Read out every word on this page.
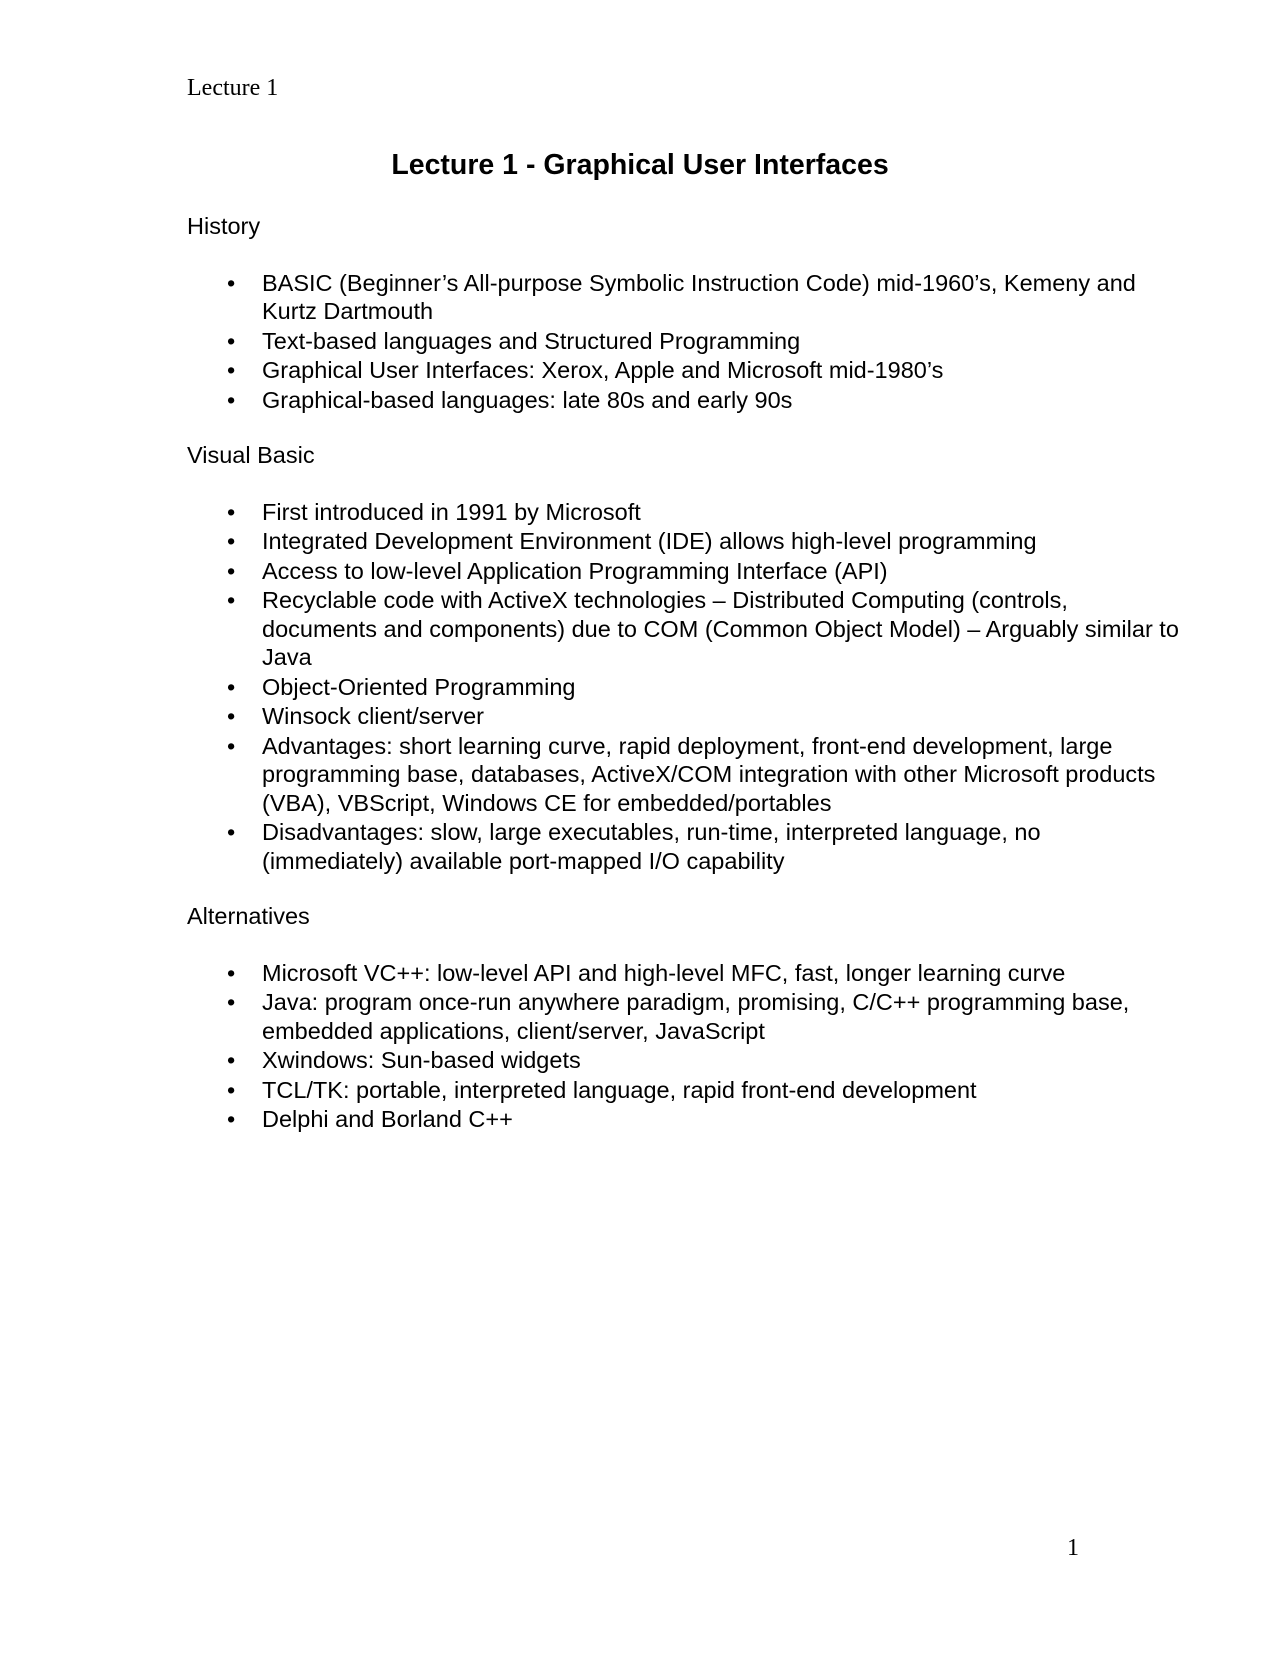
Lecture 1
Lecture 1 - Graphical User Interfaces
History
• BASIC (Beginner’s All-purpose Symbolic Instruction Code) mid-1960’s, Kemeny and Kurtz Dartmouth
• Text-based languages and Structured Programming
• Graphical User Interfaces: Xerox, Apple and Microsoft mid-1980’s
• Graphical-based languages: late 80s and early 90s
Visual Basic
• First introduced in 1991 by Microsoft
• Integrated Development Environment (IDE) allows high-level programming
• Access to low-level Application Programming Interface (API)
• Recyclable code with ActiveX technologies – Distributed Computing (controls, documents and components) due to COM (Common Object Model) – Arguably similar to Java
• Object-Oriented Programming
• Winsock client/server
• Advantages: short learning curve, rapid deployment, front-end development, large programming base, databases, ActiveX/COM integration with other Microsoft products (VBA), VBScript, Windows CE for embedded/portables
• Disadvantages: slow, large executables, run-time, interpreted language, no (immediately) available port-mapped I/O capability
Alternatives
• Microsoft VC++: low-level API and high-level MFC, fast, longer learning curve
• Java: program once-run anywhere paradigm, promising, C/C++ programming base, embedded applications, client/server, JavaScript
• Xwindows: Sun-based widgets
• TCL/TK: portable, interpreted language, rapid front-end development
• Delphi and Borland C++
1
